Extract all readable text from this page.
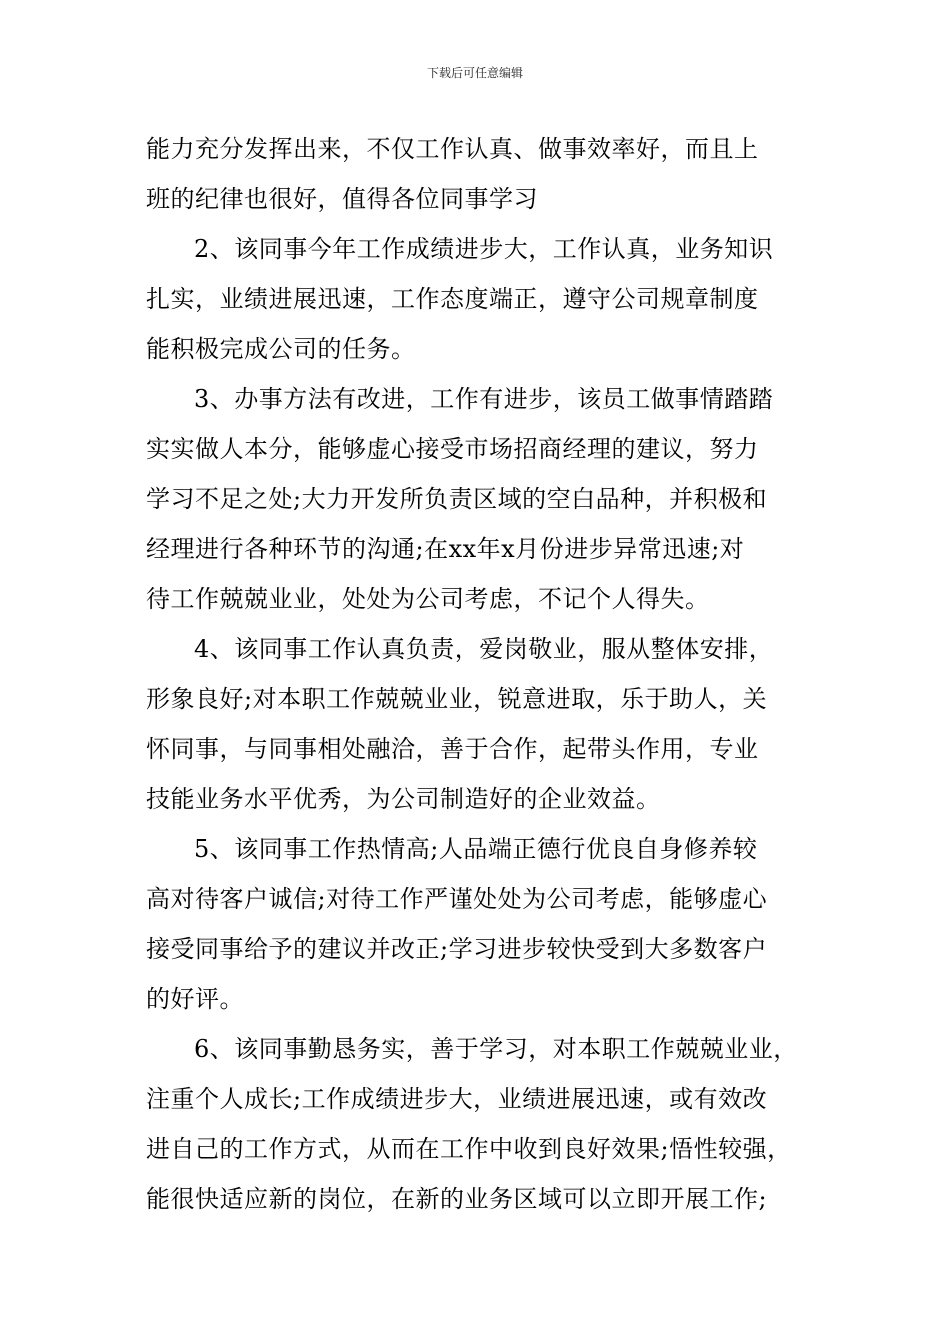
下载后可任意编辑
能力充分发挥出来，不仅工作认真、做事效率好，而且上
班的纪律也很好，值得各位同事学习
2、该同事今年工作成绩进步大，工作认真，业务知识
扎实，业绩进展迅速，工作态度端正，遵守公司规章制度
能积极完成公司的任务。
3、办事方法有改进，工作有进步，该员工做事情踏踏
实实做人本分，能够虚心接受市场招商经理的建议，努力
学习不足之处;大力开发所负责区域的空白品种，并积极和
经理进行各种环节的沟通;在xx年x月份进步异常迅速;对
待工作兢兢业业，处处为公司考虑，不记个人得失。
4、该同事工作认真负责，爱岗敬业，服从整体安排，
形象良好;对本职工作兢兢业业，锐意进取，乐于助人，关
怀同事，与同事相处融洽，善于合作，起带头作用，专业
技能业务水平优秀，为公司制造好的企业效益。
5、该同事工作热情高;人品端正德行优良自身修养较
高对待客户诚信;对待工作严谨处处为公司考虑，能够虚心
接受同事给予的建议并改正;学习进步较快受到大多数客户
的好评。
6、该同事勤恳务实，善于学习，对本职工作兢兢业业，
注重个人成长;工作成绩进步大，业绩进展迅速，或有效改
进自己的工作方式，从而在工作中收到良好效果;悟性较强，
能很快适应新的岗位，在新的业务区域可以立即开展工作;
